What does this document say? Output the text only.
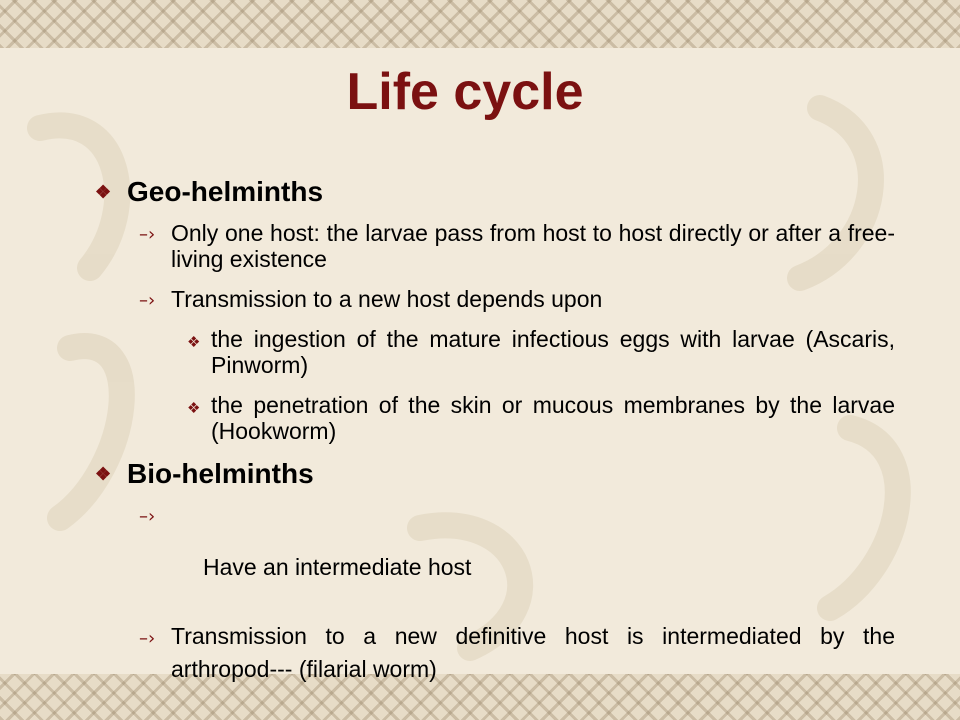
Life cycle
❖ Geo-helminths
–› Only one host: the larvae pass from host to host directly or after a free-living existence
–› Transmission to a new host depends upon
❖ the ingestion of the mature infectious eggs with larvae (Ascaris, Pinworm)
❖ the penetration of the skin or mucous membranes by the larvae (Hookworm)
❖ Bio-helminths

–›

Have an intermediate host

–› Transmission to a new definitive host is intermediated by the arthropod--- (filarial worm)
